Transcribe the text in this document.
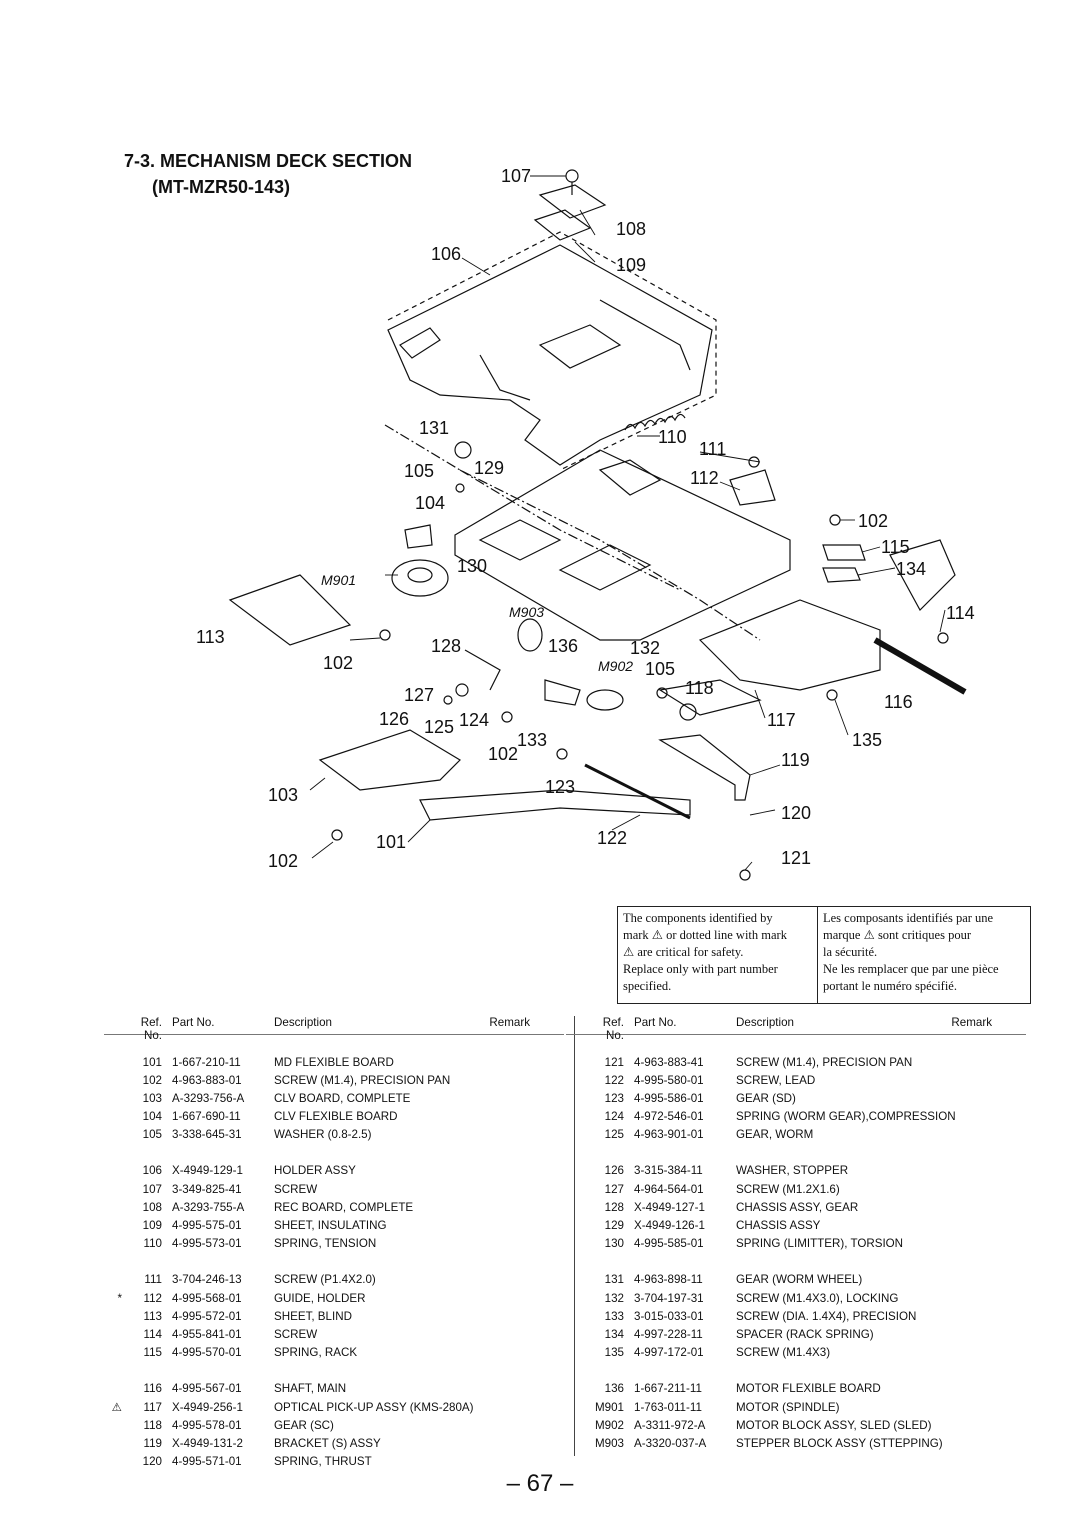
7-3. MECHANISM DECK SECTION
(MT-MZR50-143)
107
108
106
109
131	110
111
105 129	112
104
102
115
130	134
M901
M903	114
113	128	136	132
102	M902 105
118
127	116
126 125 124	117
133	135
102	119
123
103
120
101	122
121
102
The components identified by
mark ⚠ or dotted line with mark
⚠ are critical for safety.
Replace only with part number
specified.
Les composants identifiés par une
marque ⚠ sont critiques pour
la sécurité.
Ne les remplacer que par une pièce
portant le numéro spécifié.
Ref. No.
Part No.	Description	Remark
101 1-667-210-11	MD FLEXIBLE BOARD
102 4-963-883-01	SCREW (M1.4), PRECISION PAN
103 A-3293-756-A	CLV BOARD, COMPLETE
104 1-667-690-11	CLV FLEXIBLE BOARD
105 3-338-645-31	WASHER (0.8-2.5)
106 X-4949-129-1	HOLDER ASSY
107 3-349-825-41	SCREW
108 A-3293-755-A	REC BOARD, COMPLETE
109 4-995-575-01	SHEET, INSULATING
110 4-995-573-01	SPRING, TENSION
111 3-704-246-13	SCREW (P1.4X2.0)
*	112 4-995-568-01	GUIDE, HOLDER
113 4-995-572-01	SHEET, BLIND
114 4-955-841-01	SCREW
115 4-995-570-01	SPRING, RACK
116 4-995-567-01	SHAFT, MAIN
⚠	117 X-4949-256-1	OPTICAL PICK-UP ASSY (KMS-280A)
118 4-995-578-01	GEAR (SC)
119 X-4949-131-2	BRACKET (S) ASSY
120 4-995-571-01	SPRING, THRUST
Ref. No.
Part No.	Description	Remark
121 4-963-883-41	SCREW (M1.4), PRECISION PAN
122 4-995-580-01	SCREW, LEAD
123 4-995-586-01	GEAR (SD)
124 4-972-546-01	SPRING (WORM GEAR),COMPRESSION
125 4-963-901-01	GEAR, WORM
126 3-315-384-11	WASHER, STOPPER
127 4-964-564-01	SCREW (M1.2X1.6)
128 X-4949-127-1	CHASSIS ASSY, GEAR
129 X-4949-126-1	CHASSIS ASSY
130 4-995-585-01	SPRING (LIMITTER), TORSION
131 4-963-898-11	GEAR (WORM WHEEL)
132 3-704-197-31	SCREW (M1.4X3.0), LOCKING
133 3-015-033-01	SCREW (DIA. 1.4X4), PRECISION
134 4-997-228-11	SPACER (RACK SPRING)
135 4-997-172-01	SCREW (M1.4X3)
136 1-667-211-11	MOTOR FLEXIBLE BOARD
M901 1-763-011-11	MOTOR (SPINDLE)
M902 A-3311-972-A	MOTOR BLOCK ASSY, SLED (SLED)
M903 A-3320-037-A	STEPPER BLOCK ASSY (STTEPPING)
– 67 –
